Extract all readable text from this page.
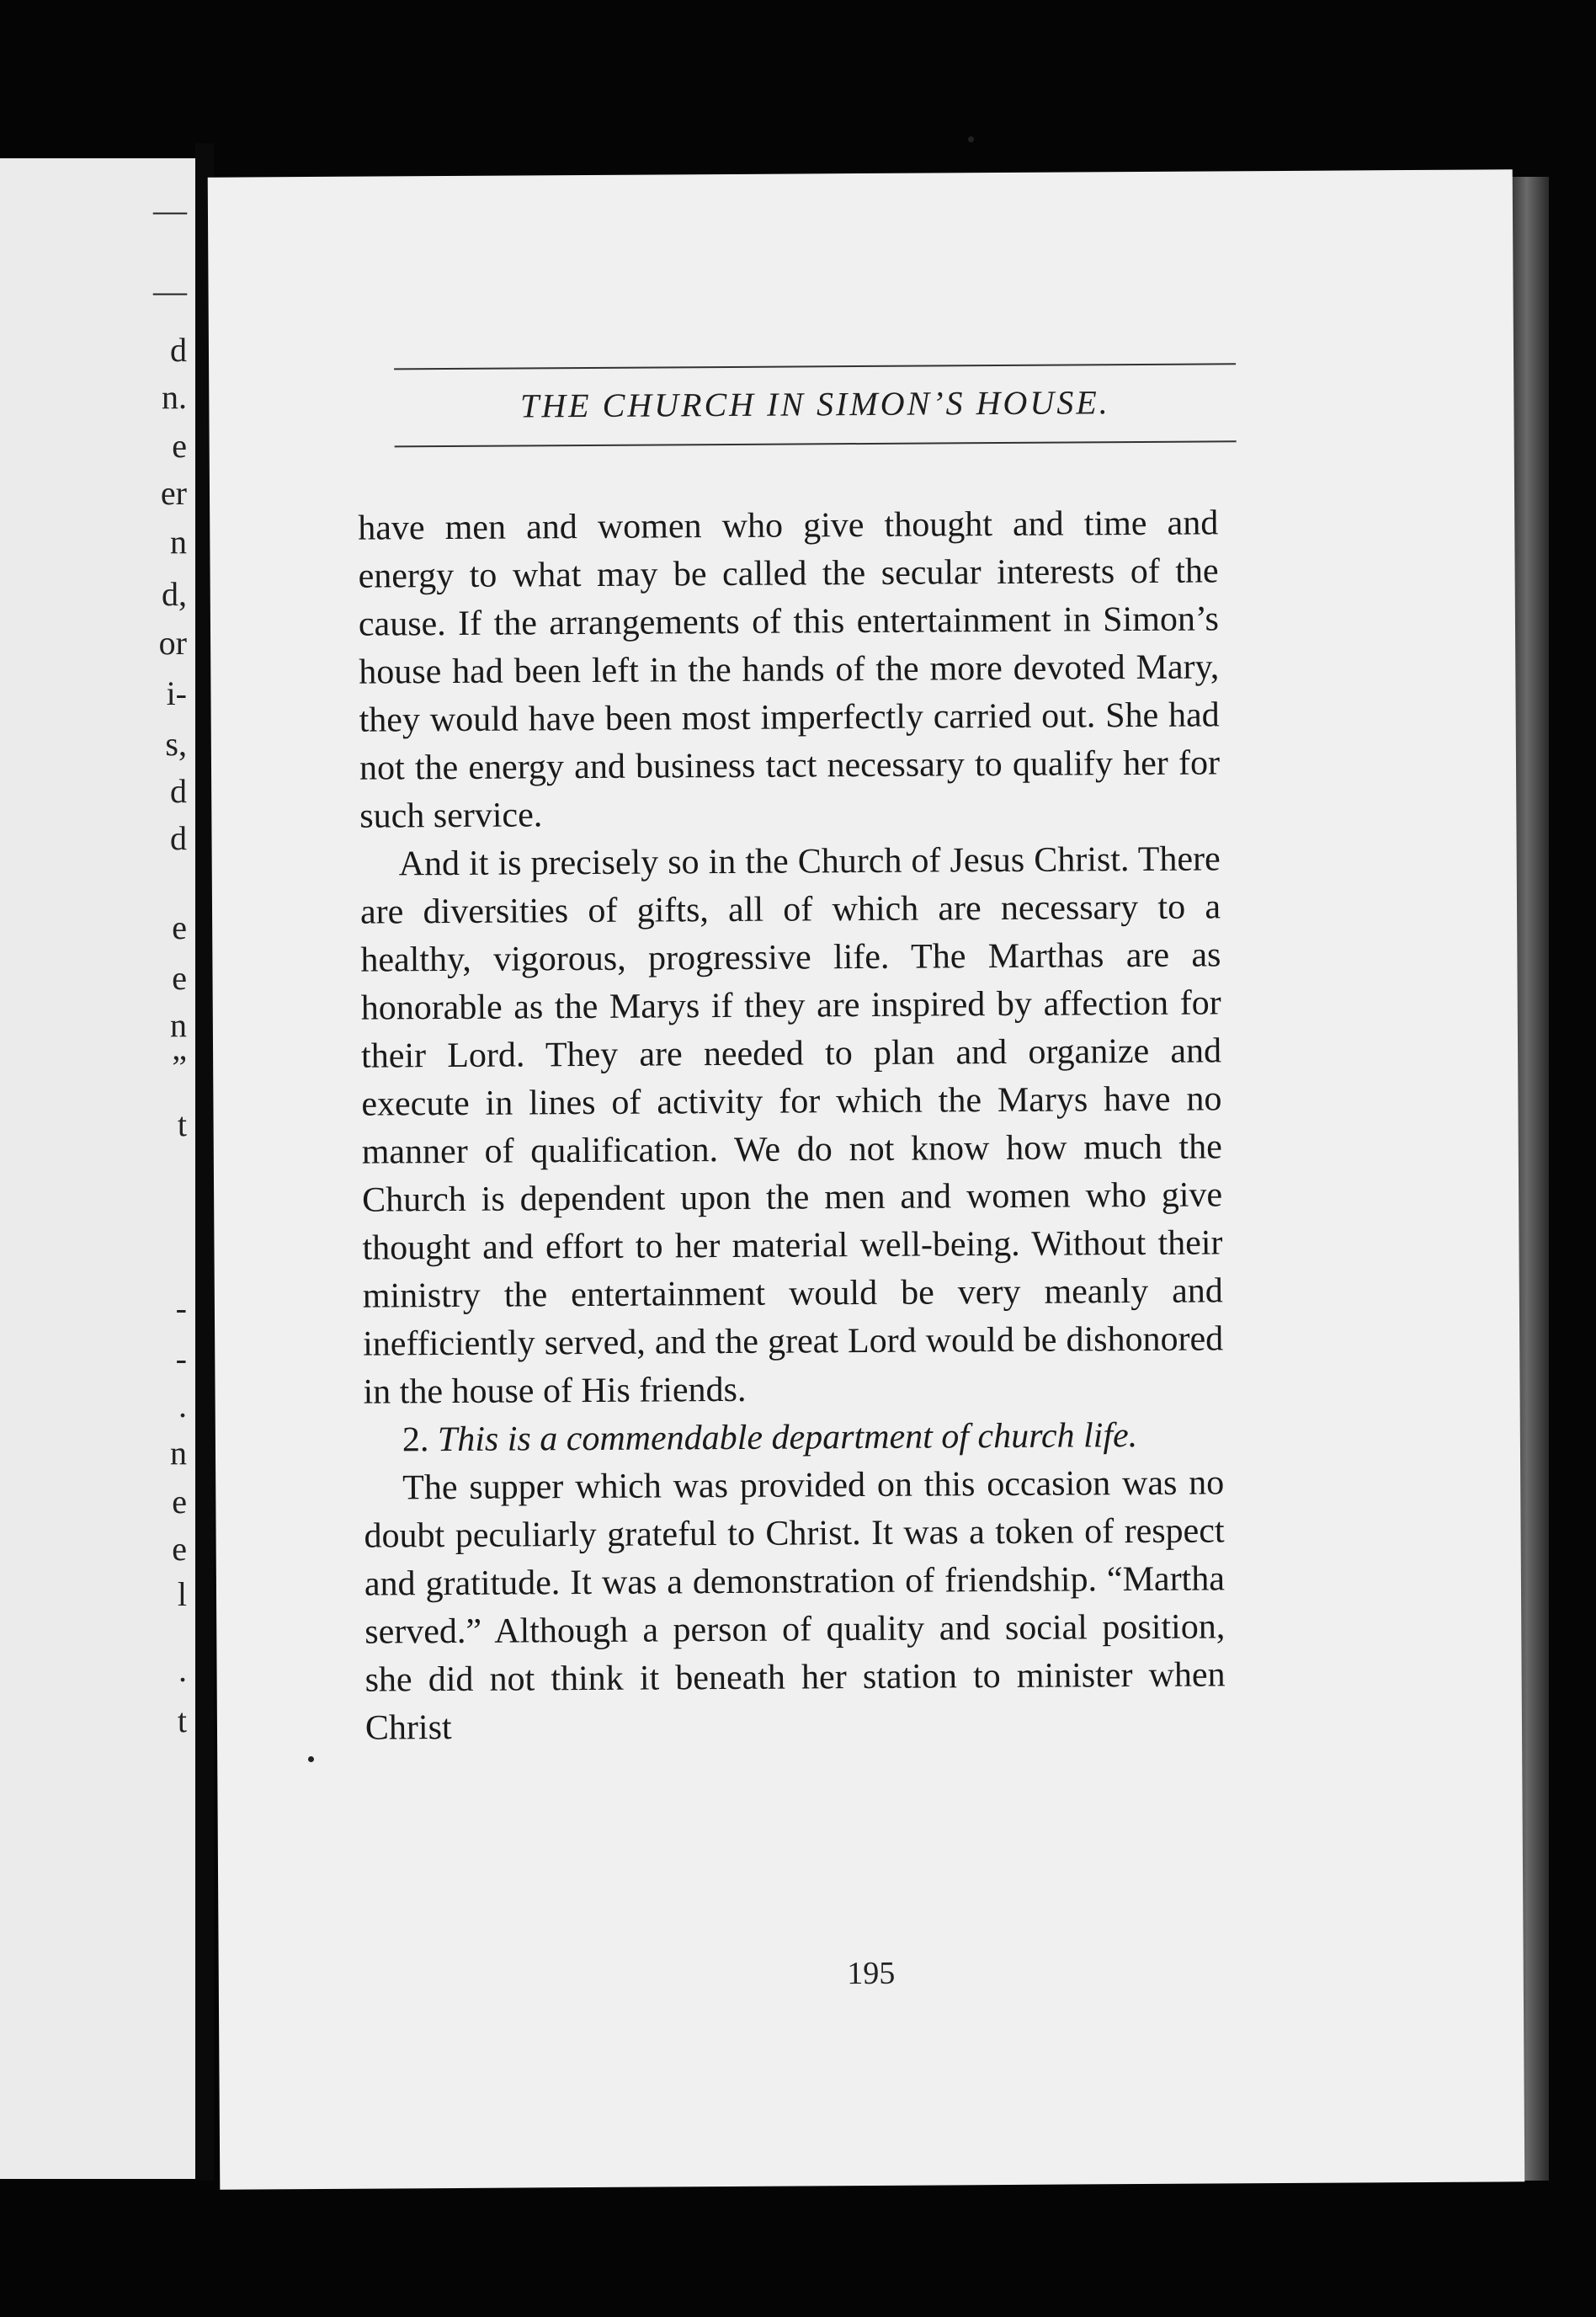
—
—
d
n.
e
er
n
d,
or
i-
s,
d
d
e
e
n
”
t
-
-
.
n
e
e
l
.
t
THE CHURCH IN SIMON’S HOUSE.

have men and women who give thought and time and energy to what may be called the secular interests of the cause. If the arrangements of this entertainment in Simon’s house had been left in the hands of the more devoted Mary, they would have been most imperfectly carried out. She had not the energy and business tact necessary to qualify her for such service.

And it is precisely so in the Church of Jesus Christ. There are diversities of gifts, all of which are necessary to a healthy, vigorous, progressive life. The Marthas are as honorable as the Marys if they are inspired by affection for their Lord. They are needed to plan and organize and execute in lines of activity for which the Marys have no manner of qualification. We do not know how much the Church is dependent upon the men and women who give thought and effort to her material well-being. Without their ministry the entertainment would be very meanly and inefficiently served, and the great Lord would be dishonored in the house of His friends.

2. This is a commendable department of church life.

The supper which was provided on this occasion was no doubt peculiarly grateful to Christ. It was a token of respect and gratitude. It was a demonstration of friendship. “Martha served.” Although a person of quality and social position, she did not think it beneath her station to minister when Christ

195
